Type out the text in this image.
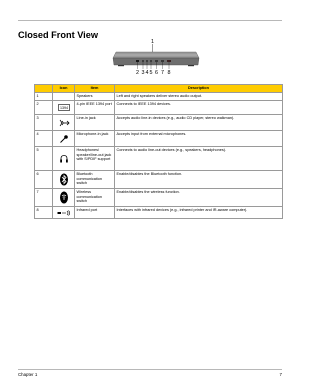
Closed Front View
1
2 3 4 5 6 7 8
	Icon	Item	Description
1		Speakers	Left and right speakers deliver stereo audio output.
2	1394	4-pin IEEE 1394 port	Connects to IEEE 1394 devices.
3		Line-in jack	Accepts audio line-in devices (e.g., audio CD player, stereo walkman).
4		Microphone-in jack	Accepts input from external microphones.
5		Headphones/ speaker/line-out jack with S/PDIF support	Connects to audio line-out devices (e.g., speakers, headphones).
6		Bluetooth communication switch	Enable/disables the Bluetooth function.
7		Wireless communication switch	Enable/disables the wireless function.
8		Infrared port	Interfaces with infrared devices (e.g., infrared printer and IR-aware computer).
Chapter 1	7
